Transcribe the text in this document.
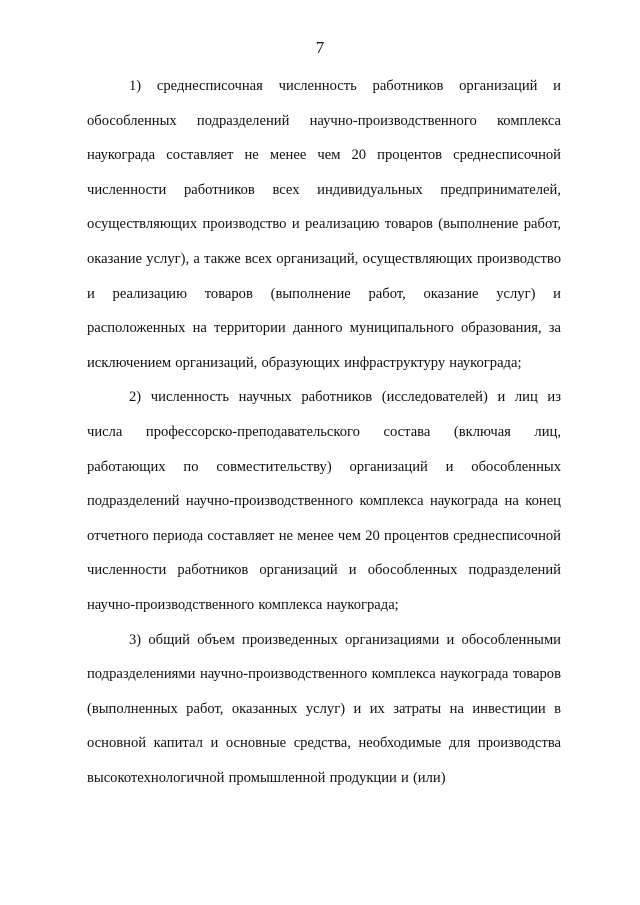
7

1) среднесписочная численность работников организаций и обособленных подразделений научно-производственного комплекса наукограда составляет не менее чем 20 процентов среднесписочной численности работников всех индивидуальных предпринимателей, осуществляющих производство и реализацию товаров (выполнение работ, оказание услуг), а также всех организаций, осуществляющих производство и реализацию товаров (выполнение работ, оказание услуг) и расположенных на территории данного муниципального образования, за исключением организаций, образующих инфраструктуру наукограда;

2) численность научных работников (исследователей) и лиц из числа профессорско-преподавательского состава (включая лиц, работающих по совместительству) организаций и обособленных подразделений научно-производственного комплекса наукограда на конец отчетного периода составляет не менее чем 20 процентов среднесписочной численности работников организаций и обособленных подразделений научно-производственного комплекса наукограда;

3) общий объем произведенных организациями и обособленными подразделениями научно-производственного комплекса наукограда товаров (выполненных работ, оказанных услуг) и их затраты на инвестиции в основной капитал и основные средства, необходимые для производства высокотехнологичной промышленной продукции и (или)
